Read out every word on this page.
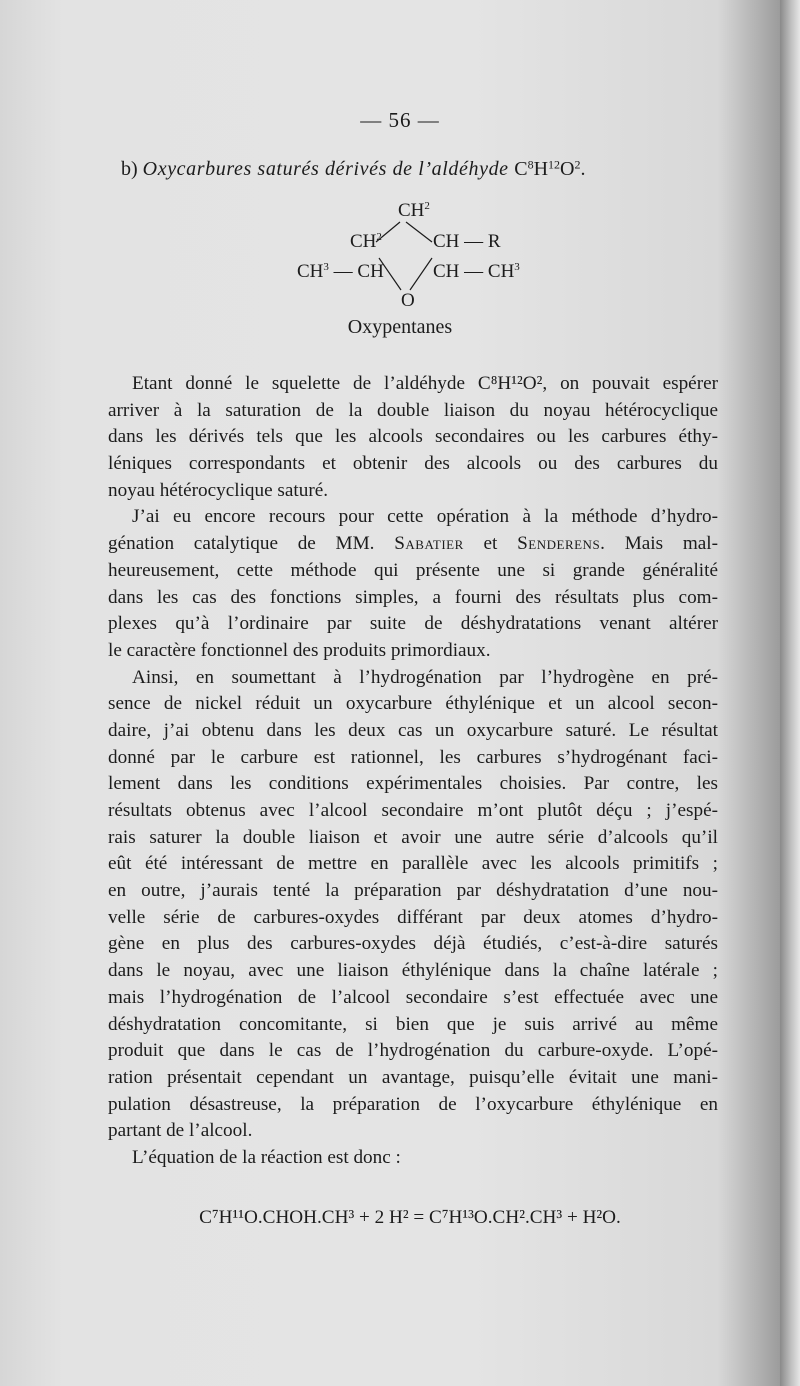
— 56 —
b) Oxycarbures saturés dérivés de l’aldéhyde $C^8H^{12}O^2$.
$CH^2$
$CH^2$	CH — R
$CH^3$ — CH	CH — $CH^3$
O
Oxypentanes
Etant donné le squelette de l’aldéhyde C⁸H¹²O², on pouvait espérer
arriver à la saturation de la double liaison du noyau hétérocyclique
dans les dérivés tels que les alcools secondaires ou les carbures éthy-
léniques correspondants et obtenir des alcools ou des carbures du
noyau hétérocyclique saturé.
J’ai eu encore recours pour cette opération à la méthode d’hydro-
génation catalytique de MM. Sabatier et Senderens. Mais mal-
heureusement, cette méthode qui présente une si grande généralité
dans les cas des fonctions simples, a fourni des résultats plus com-
plexes qu’à l’ordinaire par suite de déshydratations venant altérer
le caractère fonctionnel des produits primordiaux.
Ainsi, en soumettant à l’hydrogénation par l’hydrogène en pré-
sence de nickel réduit un oxycarbure éthylénique et un alcool secon-
daire, j’ai obtenu dans les deux cas un oxycarbure saturé. Le résultat
donné par le carbure est rationnel, les carbures s’hydrogénant faci-
lement dans les conditions expérimentales choisies. Par contre, les
résultats obtenus avec l’alcool secondaire m’ont plutôt déçu ; j’espé-
rais saturer la double liaison et avoir une autre série d’alcools qu’il
eût été intéressant de mettre en parallèle avec les alcools primitifs ;
en outre, j’aurais tenté la préparation par déshydratation d’une nou-
velle série de carbures-oxydes différant par deux atomes d’hydro-
gène en plus des carbures-oxydes déjà étudiés, c’est-à-dire saturés
dans le noyau, avec une liaison éthylénique dans la chaîne latérale ;
mais l’hydrogénation de l’alcool secondaire s’est effectuée avec une
déshydratation concomitante, si bien que je suis arrivé au même
produit que dans le cas de l’hydrogénation du carbure-oxyde. L’opé-
ration présentait cependant un avantage, puisqu’elle évitait une mani-
pulation désastreuse, la préparation de l’oxycarbure éthylénique en
partant de l’alcool.
L’équation de la réaction est donc :
C⁷H¹¹O.CHOH.CH³ + 2 H² = C⁷H¹³O.CH².CH³ + H²O.
